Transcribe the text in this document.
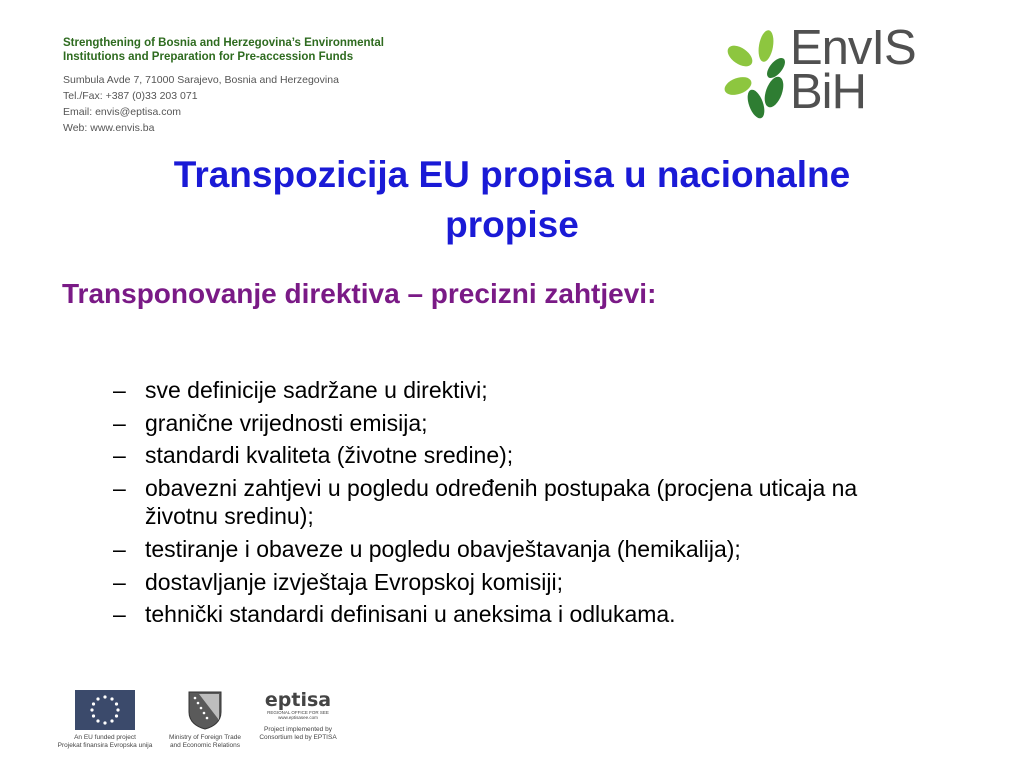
Strengthening of Bosnia and Herzegovina’s Environmental
Institutions and Preparation for Pre-accession Funds
Sumbula Avde 7, 71000 Sarajevo, Bosnia and Herzegovina
Tel./Fax: +387 (0)33 203 071
Email: envis@eptisa.com
Web: www.envis.ba
EnvIS
BiH
Transpozicija EU propisa u nacionalne
propise
Transponovanje direktiva – precizni zahtjevi:
– sve definicije sadržane u direktivi;
– granične vrijednosti emisija;
– standardi kvaliteta (životne sredine);
– obavezni zahtjevi u pogledu određenih postupaka (procjena uticaja na životnu sredinu);
– testiranje i obaveze u pogledu obavještavanja (hemikalija);
– dostavljanje izvještaja Evropskoj komisiji;
– tehnički standardi definisani u aneksima i odlukama.
An EU funded project
Projekat finansira Evropska unija
Ministry of Foreign Trade
and Economic Relations
eptisa
REGIONAL OFFICE FOR SEE
www.eptisasee.com
Project implemented by
Consortium led by EPTISA
